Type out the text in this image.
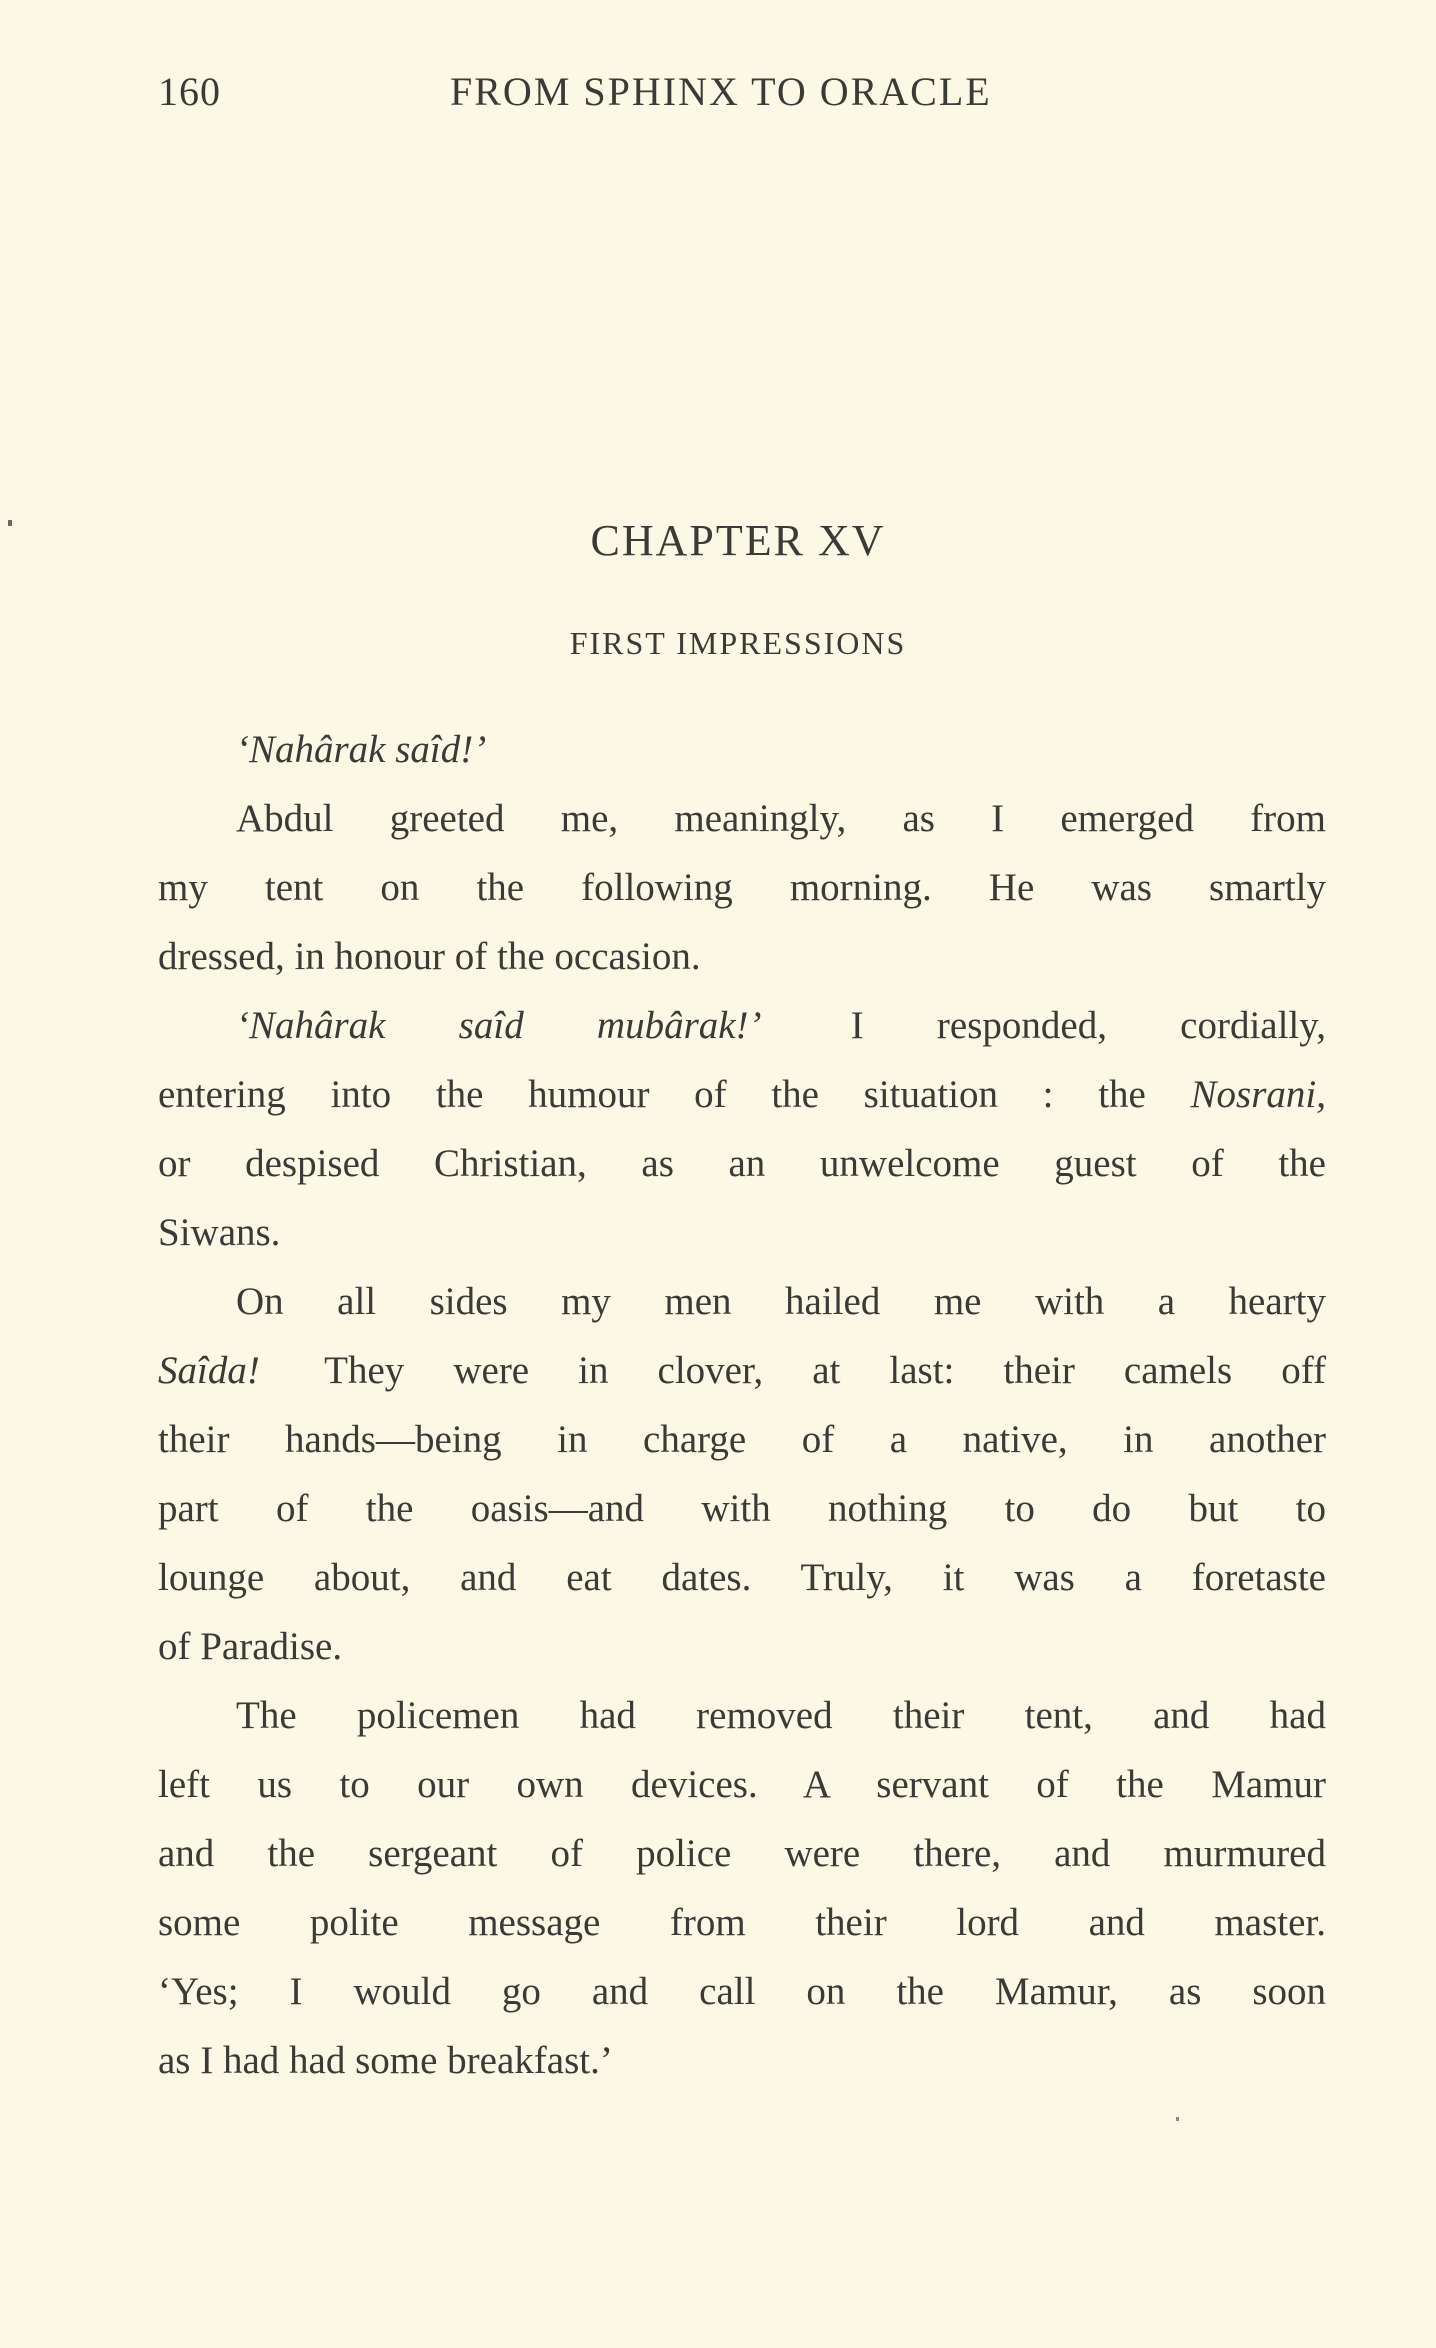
160	FROM SPHINX TO ORACLE
CHAPTER XV
FIRST IMPRESSIONS
‘Nahârak saîd!’
Abdul greeted me, meaningly, as I emerged from
my tent on the following morning. He was smartly
dressed, in honour of the occasion.
‘Nahârak saîd mubârak!’ I responded, cordially,
entering into the humour of the situation : the Nosrani,
or despised Christian, as an unwelcome guest of the
Siwans.
On all sides my men hailed me with a hearty
Saîda! They were in clover, at last: their camels off
their hands—being in charge of a native, in another
part of the oasis—and with nothing to do but to
lounge about, and eat dates. Truly, it was a foretaste
of Paradise.
The policemen had removed their tent, and had
left us to our own devices. A servant of the Mamur
and the sergeant of police were there, and murmured
some polite message from their lord and master.
‘Yes; I would go and call on the Mamur, as soon
as I had had some breakfast.’
